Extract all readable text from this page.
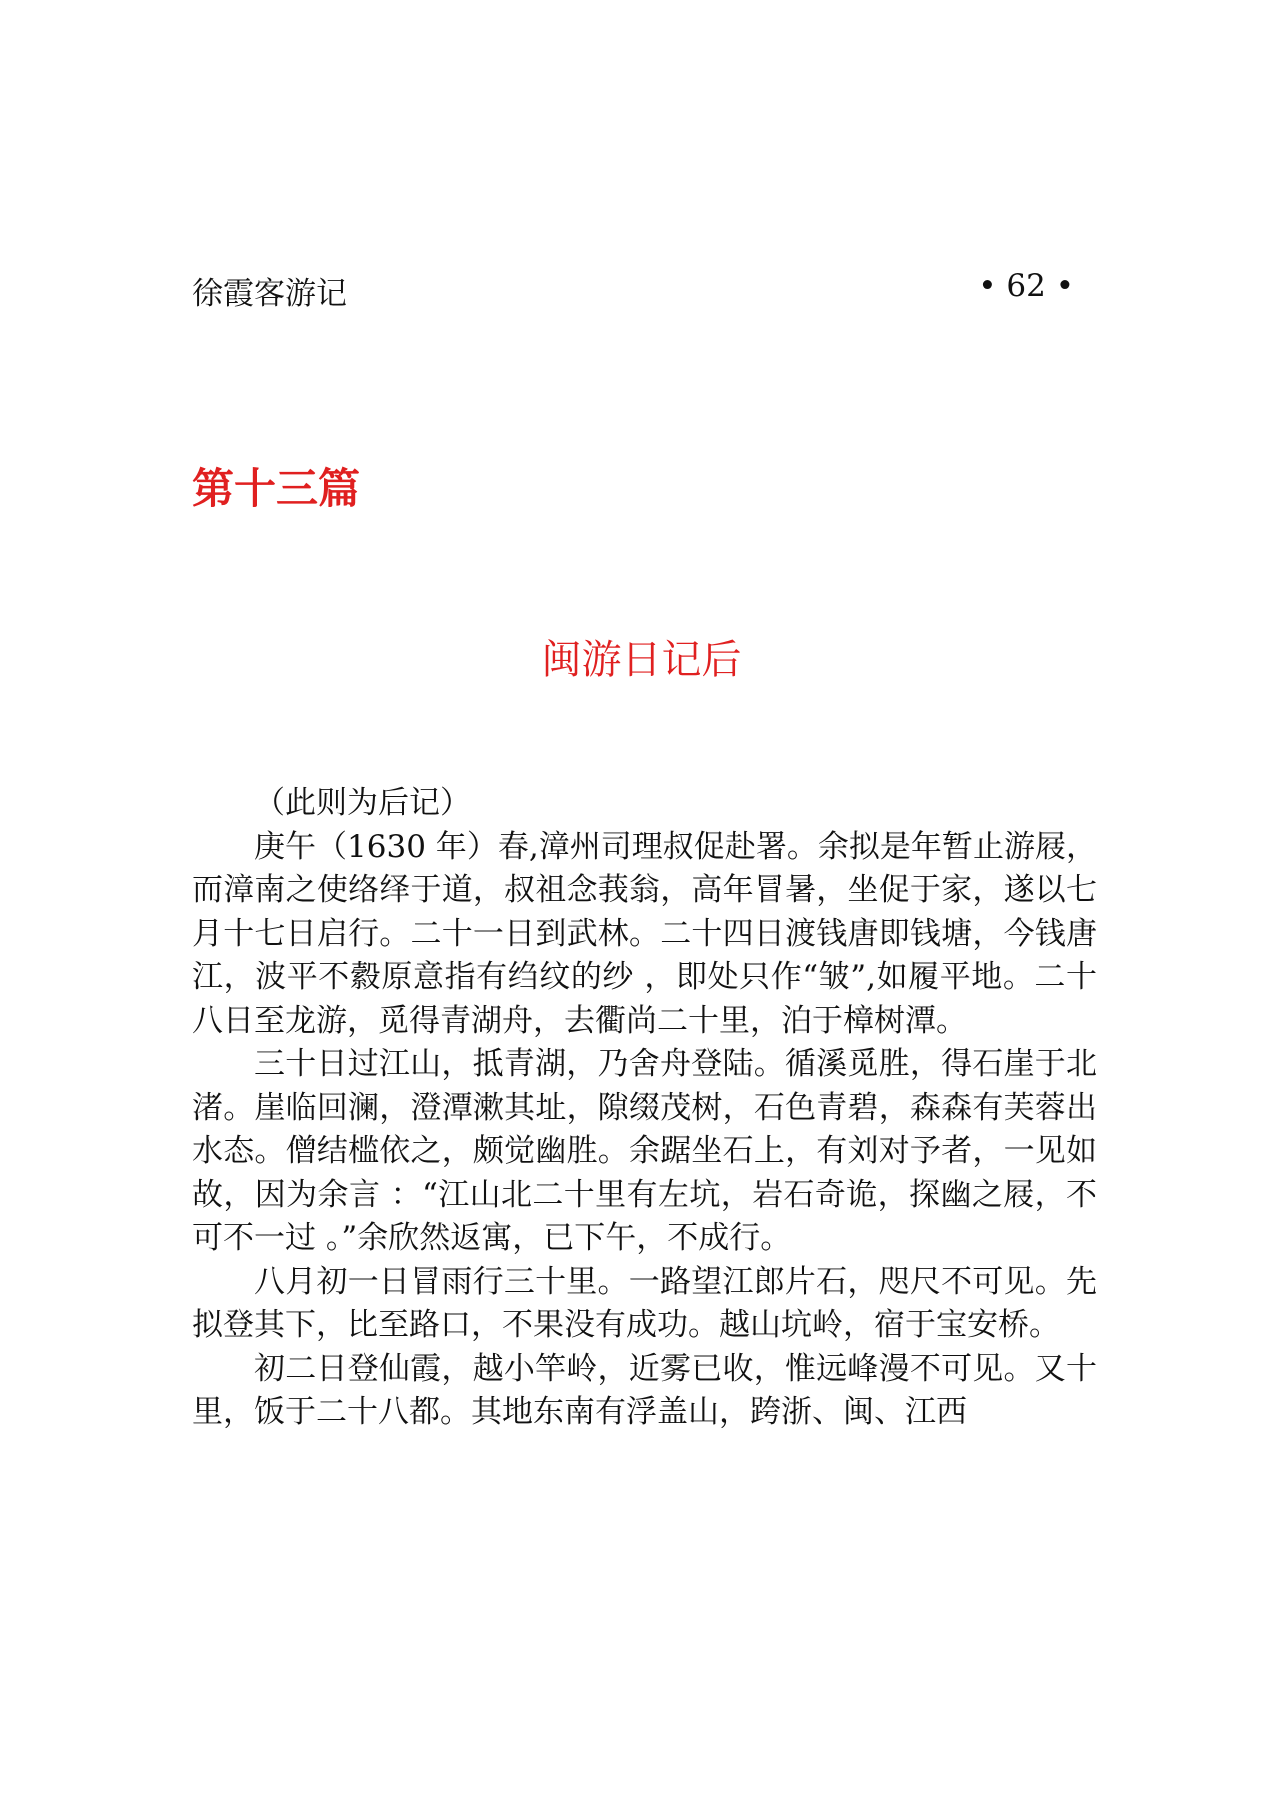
徐霞客游记	• 62 •
第十三篇
闽游日记后

（此则为后记）

庚午（1630 年）春,漳州司理叔促赴署。余拟是年暂止游屐，而漳南之使络绎于道，叔祖念莪翁，高年冒暑，坐促于家，遂以七月十七日启行。二十一日到武林。二十四日渡钱唐即钱塘，今钱唐江，波平不縠原意指有绉纹的纱 ，即处只作“皱”,如履平地。二十八日至龙游，觅得青湖舟，去衢尚二十里，泊于樟树潭。

三十日过江山，抵青湖，乃舍舟登陆。循溪觅胜，得石崖于北渚。崖临回澜，澄潭漱其址，隙缀茂树，石色青碧，森森有芙蓉出水态。僧结槛依之，颇觉幽胜。余踞坐石上，有刘对予者，一见如故，因为余言 ：“江山北二十里有左坑，岩石奇诡，探幽之屐，不可不一过 。”余欣然返寓，已下午，不成行。

八月初一日冒雨行三十里。一路望江郎片石，咫尺不可见。先拟登其下，比至路口，不果没有成功。越山坑岭，宿于宝安桥。

初二日登仙霞，越小竿岭，近雾已收，惟远峰漫不可见。又十里，饭于二十八都。其地东南有浮盖山，跨浙、闽、江西
